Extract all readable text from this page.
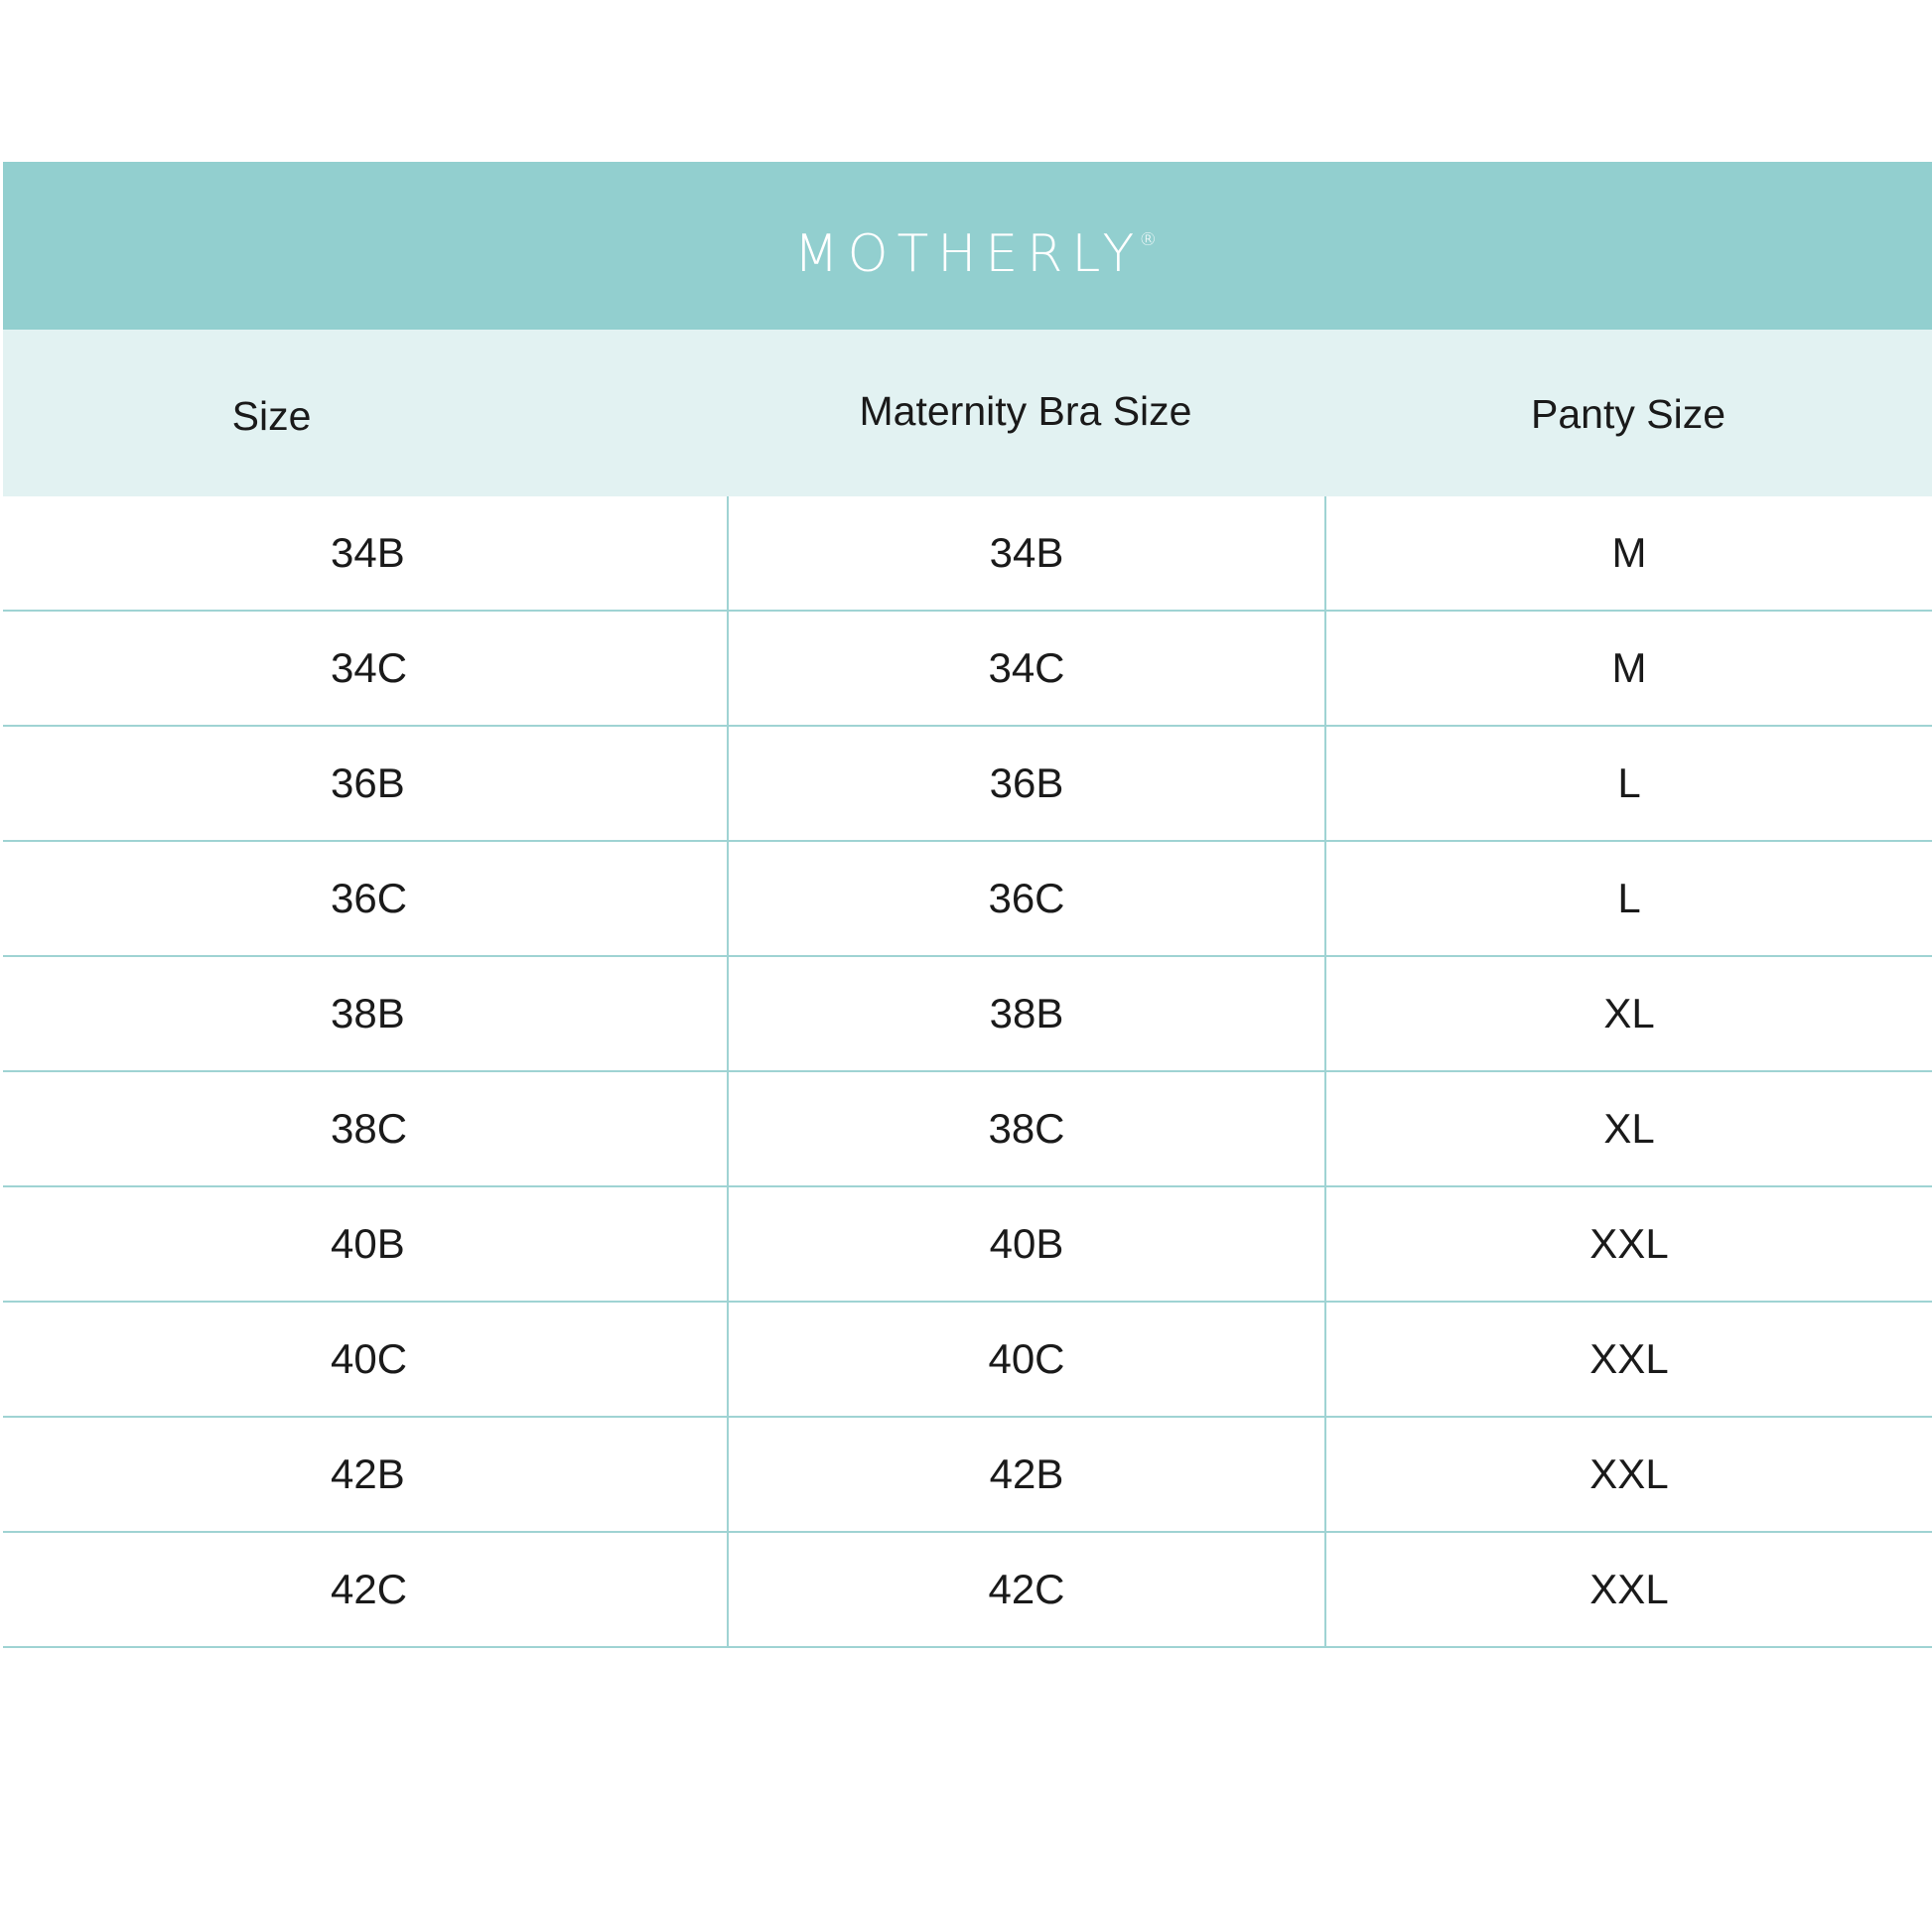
MOTHERLY®
Size	Maternity Bra Size	Panty Size
34B	34B	M
34C	34C	M
36B	36B	L
36C	36C	L
38B	38B	XL
38C	38C	XL
40B	40B	XXL
40C	40C	XXL
42B	42B	XXL
42C	42C	XXL
